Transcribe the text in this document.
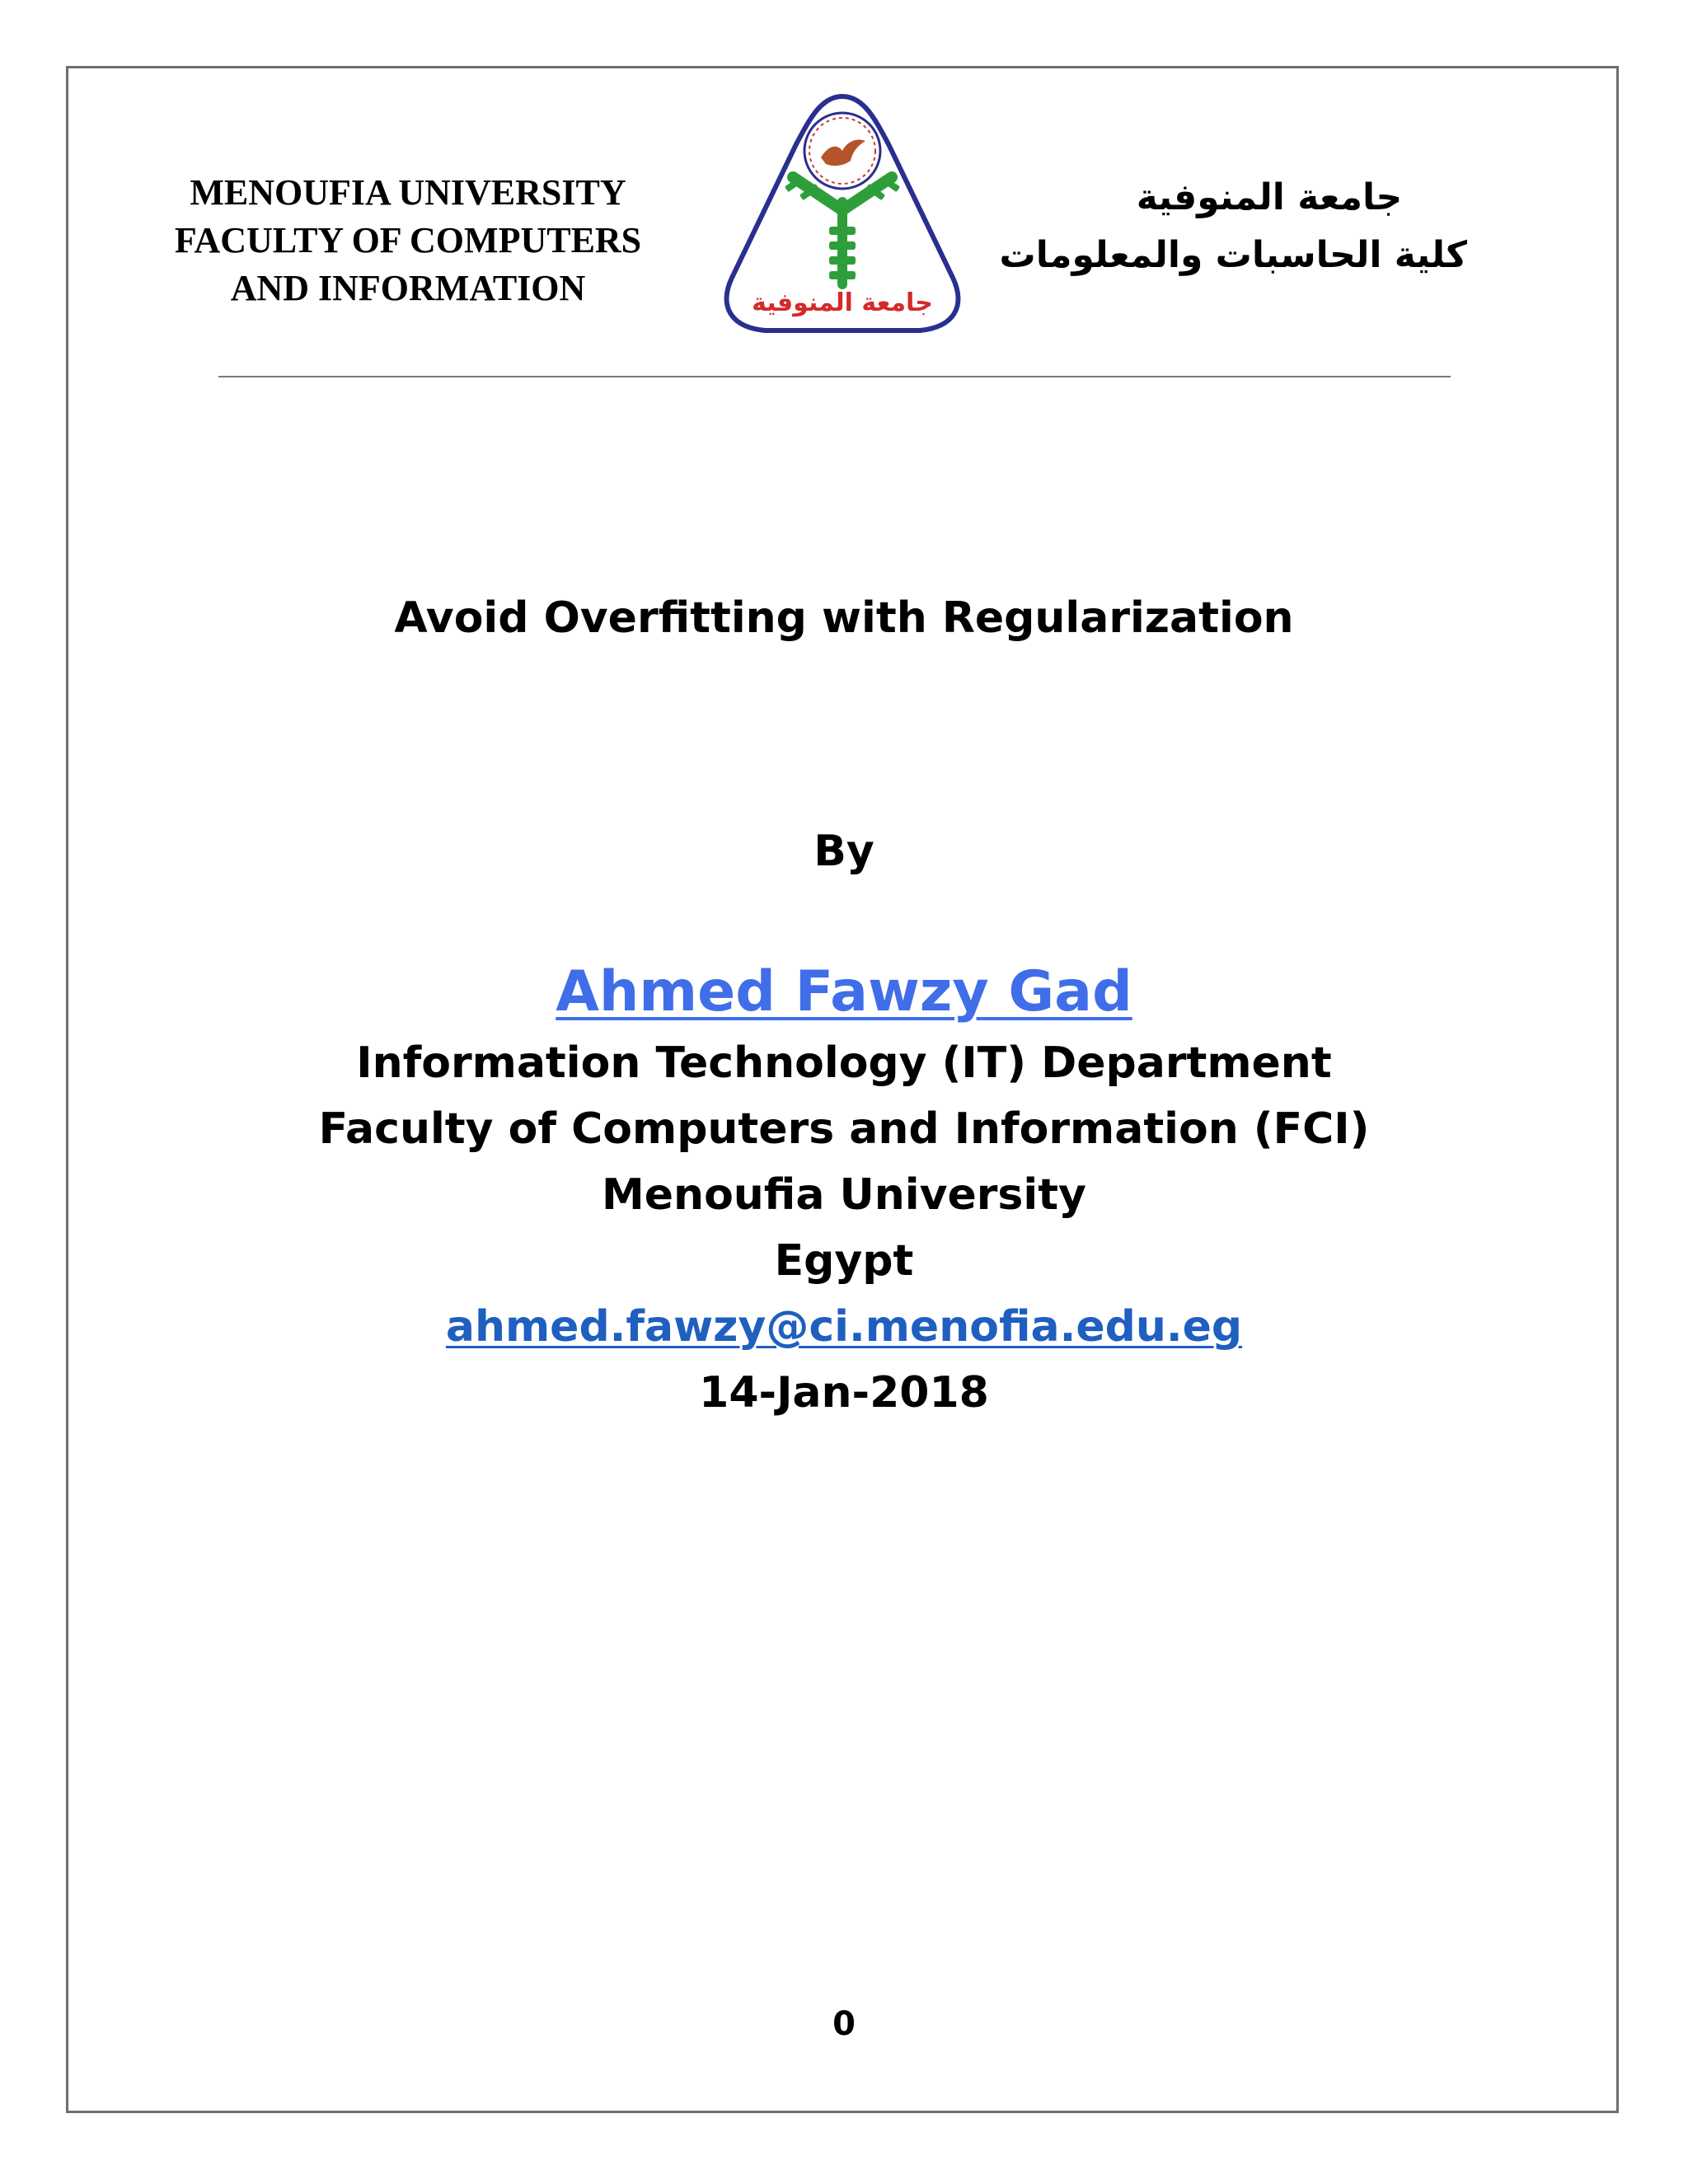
MENOUFIA UNIVERSITY
FACULTY OF COMPUTERS
AND INFORMATION	جامعة المنوفية
جامعة المنوفية
كلية الحاسبات والمعلومات
Avoid Overfitting with Regularization
By
Ahmed Fawzy Gad
Information Technology (IT) Department
Faculty of Computers and Information (FCI)
Menoufia University
Egypt
ahmed.fawzy@ci.menofia.edu.eg
14-Jan-2018
0
